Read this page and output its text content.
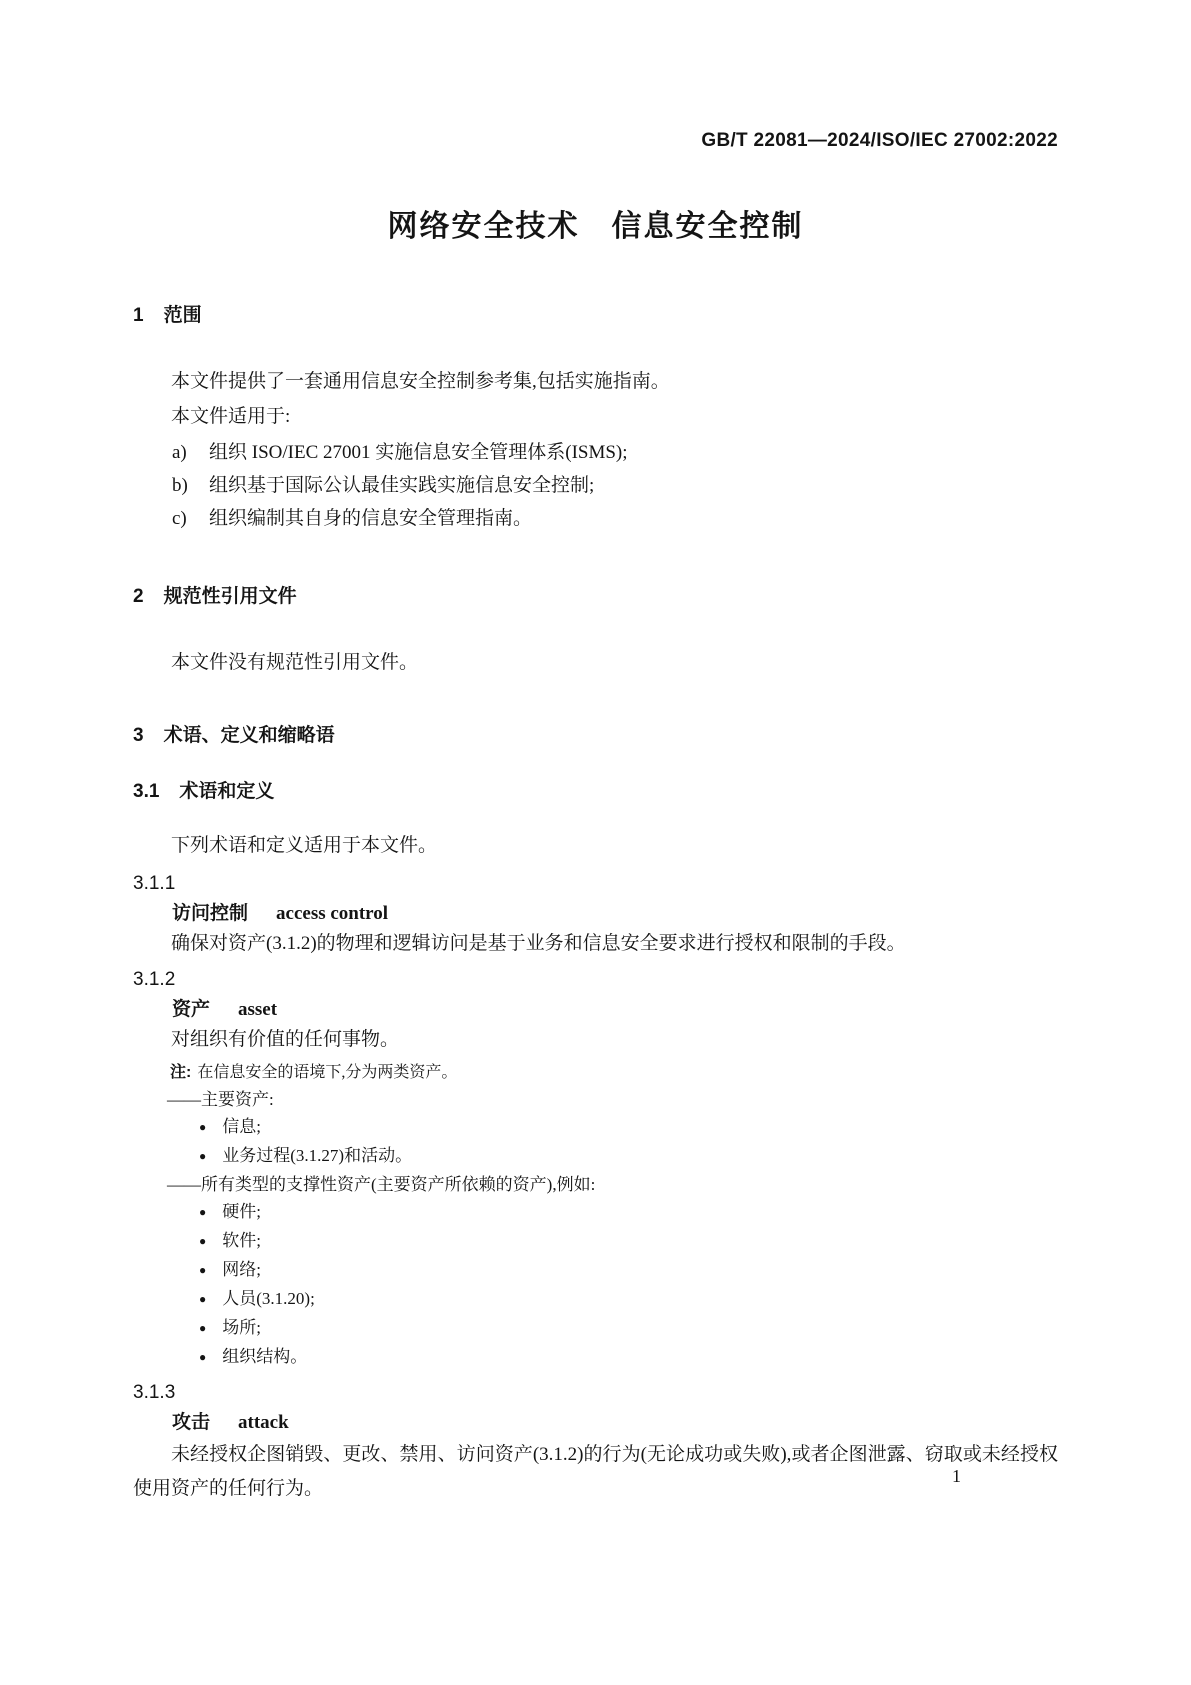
GB/T 22081—2024/ISO/IEC 27002:2022
网络安全技术　信息安全控制
1 范围

本文件提供了一套通用信息安全控制参考集,包括实施指南。

本文件适用于:

a)	组织 ISO/IEC 27001 实施信息安全管理体系(ISMS);
b)	组织基于国际公认最佳实践实施信息安全控制;
c)	组织编制其自身的信息安全管理指南。
2 规范性引用文件

本文件没有规范性引用文件。

3 术语、定义和缩略语
3.1 术语和定义

下列术语和定义适用于本文件。

3.1.1
访问控制 access control

确保对资产(3.1.2)的物理和逻辑访问是基于业务和信息安全要求进行授权和限制的手段。

3.1.2
资产 asset

对组织有价值的任何事物。

注: 在信息安全的语境下,分为两类资产。
——主要资产:
● 信息;
● 业务过程(3.1.27)和活动。
——所有类型的支撑性资产(主要资产所依赖的资产),例如:
● 硬件;
● 软件;
● 网络;
● 人员(3.1.20);
● 场所;
● 组织结构。
3.1.3
攻击 attack

未经授权企图销毁、更改、禁用、访问资产(3.1.2)的行为(无论成功或失败),或者企图泄露、窃取或未经授权使用资产的任何行为。

1
